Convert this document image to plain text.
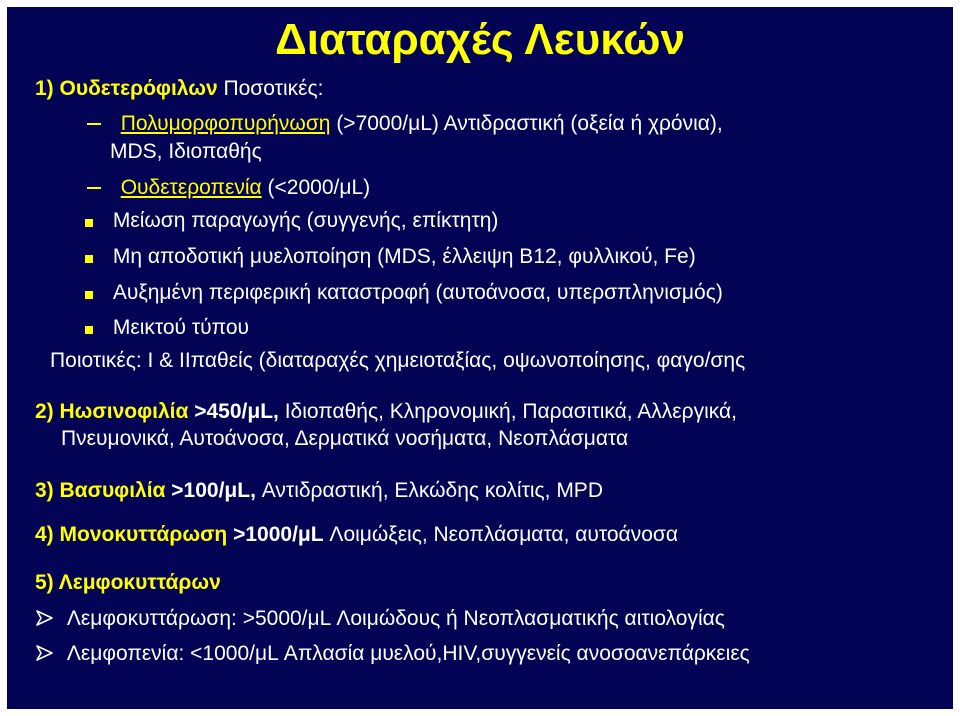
Διαταραχές Λευκών
1) Ουδετερόφιλων Ποσοτικές:
Πολυμορφοπυρήνωση (>7000/μL) Αντιδραστική (οξεία ή χρόνια),
MDS, Ιδιοπαθής
Ουδετεροπενία (<2000/μL)
Μείωση παραγωγής (συγγενής, επίκτητη)
Μη αποδοτική μυελοποίηση (MDS, έλλειψη Β12, φυλλικού, Fe)
Αυξημένη περιφερική καταστροφή (αυτοάνοσα, υπερσπληνισμός)
Μεικτού τύπου
Ποιοτικές: Ι & ΙΙπαθείς (διαταραχές χημειοταξίας, οψωνοποίησης, φαγο/σης
2) Ηωσινοφιλία >450/μL, Ιδιοπαθής, Κληρονομική, Παρασιτικά, Αλλεργικά,
Πνευμονικά, Αυτοάνοσα, Δερματικά νοσήματα, Νεοπλάσματα
3) Βασυφιλία >100/μL, Αντιδραστική, Ελκώδης κολίτις, MPD
4) Μονοκυττάρωση >1000/μL Λοιμώξεις, Νεοπλάσματα, αυτοάνοσα
5) Λεμφοκυττάρων
Λεμφοκυττάρωση: >5000/μL Λοιμώδους ή Νεοπλασματικής αιτιολογίας
Λεμφοπενία: <1000/μL Απλασία μυελού,HIV,συγγενείς ανοσοανεπάρκειες
